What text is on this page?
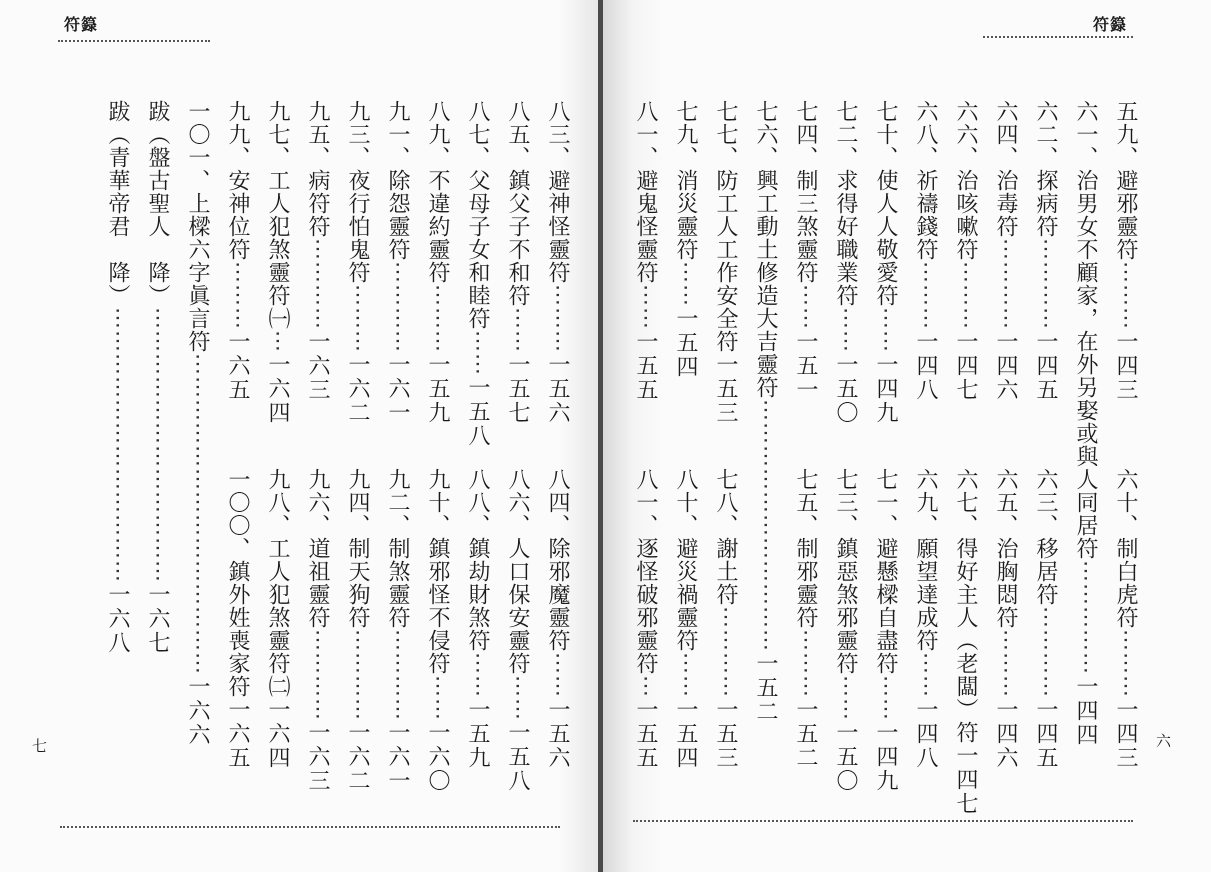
符籙
八三、避神怪靈符⋯⋯⋯一五六
八四、除邪魔靈符⋯⋯一五六
八五、鎮父子不和符⋯⋯一五七
八六、人口保安靈符⋯⋯一五八
八七、父母子女和睦符⋯⋯一五八
八八、鎮劫財煞符⋯⋯一五九
八九、不違約靈符⋯⋯⋯一五九
九十、鎮邪怪不侵符⋯⋯一六〇
九一、除怨靈符⋯⋯⋯⋯一六一
九二、制煞靈符⋯⋯⋯⋯一六一
九三、夜行怕鬼符⋯⋯⋯一六二
九四、制天狗符⋯⋯⋯⋯一六二
九五、病符符⋯⋯⋯⋯一六三
九六、道祖靈符⋯⋯⋯⋯一六三
九七、工人犯煞靈符㈠⋯一六四
九八、工人犯煞靈符㈡一六四
九九、安神位符⋯⋯⋯一六五
一〇〇、鎮外姓喪家符一六五
一〇一、上樑六字眞言符⋯⋯⋯⋯⋯⋯⋯⋯⋯⋯⋯⋯⋯⋯一六六
跋（盤古聖人　降）⋯⋯⋯⋯⋯⋯⋯⋯⋯⋯⋯⋯一六七
跋（青華帝君　降）⋯⋯⋯⋯⋯⋯⋯⋯⋯⋯⋯⋯一六八
七
符籙
五九、避邪靈符⋯⋯⋯一四三
六十、制白虎符⋯⋯⋯一四三
六一、治男女不顧家，在外另娶或與人同居符⋯⋯⋯⋯⋯一四四
六二、探病符⋯⋯⋯⋯一四五
六三、移居符⋯⋯⋯⋯一四五
六四、治毒符⋯⋯⋯⋯一四六
六五、治胸悶符⋯⋯⋯一四六
六六、治咳嗽符⋯⋯⋯一四七
六七、得好主人（老闆）符一四七
六八、祈禱錢符⋯⋯⋯一四八
六九、願望達成符⋯⋯一四八
七十、使人人敬愛符⋯⋯一四九
七一、避懸樑自盡符⋯⋯一四九
七二、求得好職業符⋯⋯一五〇
七三、鎮惡煞邪靈符⋯⋯一五〇
七四、制三煞靈符⋯⋯一五一
七五、制邪靈符⋯⋯⋯一五二
七六、興工動土修造大吉靈符⋯⋯⋯⋯⋯⋯⋯⋯⋯⋯⋯一五二
七七、防工人工作安全符一五三
七八、謝土符⋯⋯⋯⋯一五三
七九、消災靈符⋯⋯一五四
八十、避災禍靈符⋯⋯一五四
八一、避鬼怪靈符⋯⋯一五五
八一、逐怪破邪靈符⋯一五五	六
